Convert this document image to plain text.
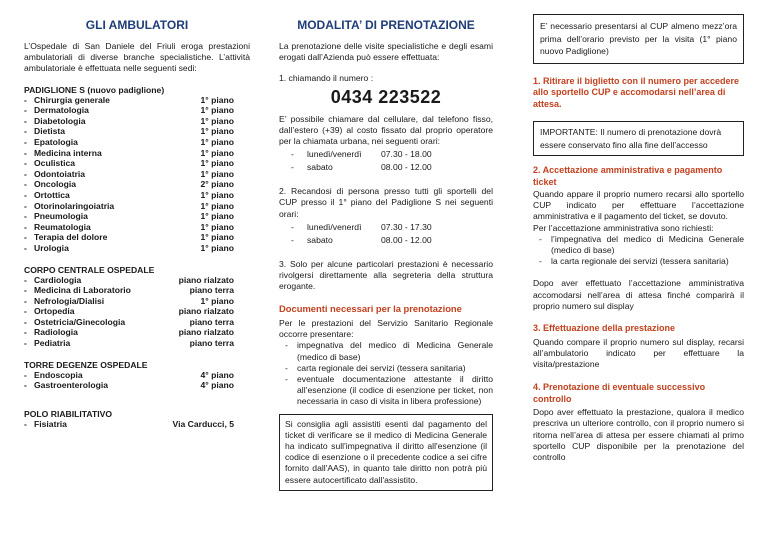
GLI AMBULATORI

L’Ospedale di San Daniele del Friuli eroga prestazioni ambulatoriali di diverse branche specialistiche. L’attività ambulatoriale è effettuata nelle seguenti sedi:

PADIGLIONE S (nuovo padiglione)
-	Chirurgia generale	1° piano
-	Dermatologia	1° piano
-	Diabetologia	1° piano
-	Dietista	1° piano
-	Epatologia	1° piano
-	Medicina interna	1° piano
-	Oculistica	1° piano
-	Odontoiatria	1° piano
-	Oncologia	2° piano
-	Ortottica	1° piano
-	Otorinolaringoiatria	1° piano
-	Pneumologia	1° piano
-	Reumatologia	1° piano
-	Terapia del dolore	1° piano
-	Urologia	1° piano
CORPO CENTRALE OSPEDALE
-	Cardiologia	piano rialzato
-	Medicina di Laboratorio	piano terra
-	Nefrologia/Dialisi	1° piano
-	Ortopedia	piano rialzato
-	Ostetricia/Ginecologia	piano terra
-	Radiologia	piano rialzato
-	Pediatria	piano terra
TORRE DEGENZE OSPEDALE
-	Endoscopia	4° piano
-	Gastroenterologia	4° piano
POLO RIABILITATIVO
-	Fisiatria	Via Carducci, 5
MODALITA’ DI PRENOTAZIONE

La prenotazione delle visite specialistiche e degli esami erogati dall’Azienda può essere effettuata:

1. chiamando il numero :

0434 223522

E’ possibile chiamare dal cellulare, dal telefono fisso, dall’estero (+39) al costo fissato dal proprio operatore per la chiamata urbana, nei seguenti orari:

-	lunedì/venerdì	07.30 - 18.00
-	sabato	08.00 - 12.00

2. Recandosi di persona presso tutti gli sportelli del CUP presso il 1° piano del Padiglione S nei seguenti orari:

-	lunedì/venerdì	07.30 - 17.30
-	sabato	08.00 - 12.00

3. Solo per alcune particolari prestazioni è necessario rivolgersi direttamente alla segreteria della struttura erogante.

Documenti necessari per la prenotazione

Per le prestazioni del Servizio Sanitario Regionale occorre presentare:

- impegnativa del medico di Medicina Generale (medico di base)
- carta regionale dei servizi (tessera sanitaria)
- eventuale documentazione attestante il diritto all’esenzione (il codice di esenzione per ticket, non necessaria in caso di visita in libera professione)

Si consiglia agli assistiti esenti dal pagamento del ticket di verificare se il medico di Medicina Generale ha indicato sull'impegnativa il diritto all'esenzione (il codice di esenzione o il precedente codice a sei cifre fornito dall'AAS), in quanto tale diritto non potrà più essere autocertificato dall'assistito.

E’ necessario presentarsi al CUP almeno mezz’ora prima dell’orario previsto per la visita (1° piano nuovo Padiglione)

1. Ritirare il biglietto con il numero per accedere allo sportello CUP e accomodarsi nell’area di attesa.

IMPORTANTE: Il numero di prenotazione dovrà essere conservato fino alla fine dell’accesso

2. Accettazione amministrativa e pagamento ticket

Quando appare il proprio numero recarsi allo sportello CUP indicato per effettuare l’accettazione amministrativa e il pagamento del ticket, se dovuto.

Per l’accettazione amministrativa sono richiesti:

- l’impegnativa del medico di Medicina Generale (medico di base)
- la carta regionale dei servizi (tessera sanitaria)

Dopo aver effettuato l’accettazione amministrativa accomodarsi nell’area di attesa finché comparirà il proprio numero sul display

3. Effettuazione della prestazione

Quando compare il proprio numero sul display, recarsi all’ambulatorio indicato per effettuare la visita/prestazione

4. Prenotazione di eventuale successivo controllo

Dopo aver effettuato la prestazione, qualora il medico prescriva un ulteriore controllo, con il proprio numero si ritorna nell’area di attesa per essere chiamati al primo sportello CUP disponibile per la prenotazione del controllo
